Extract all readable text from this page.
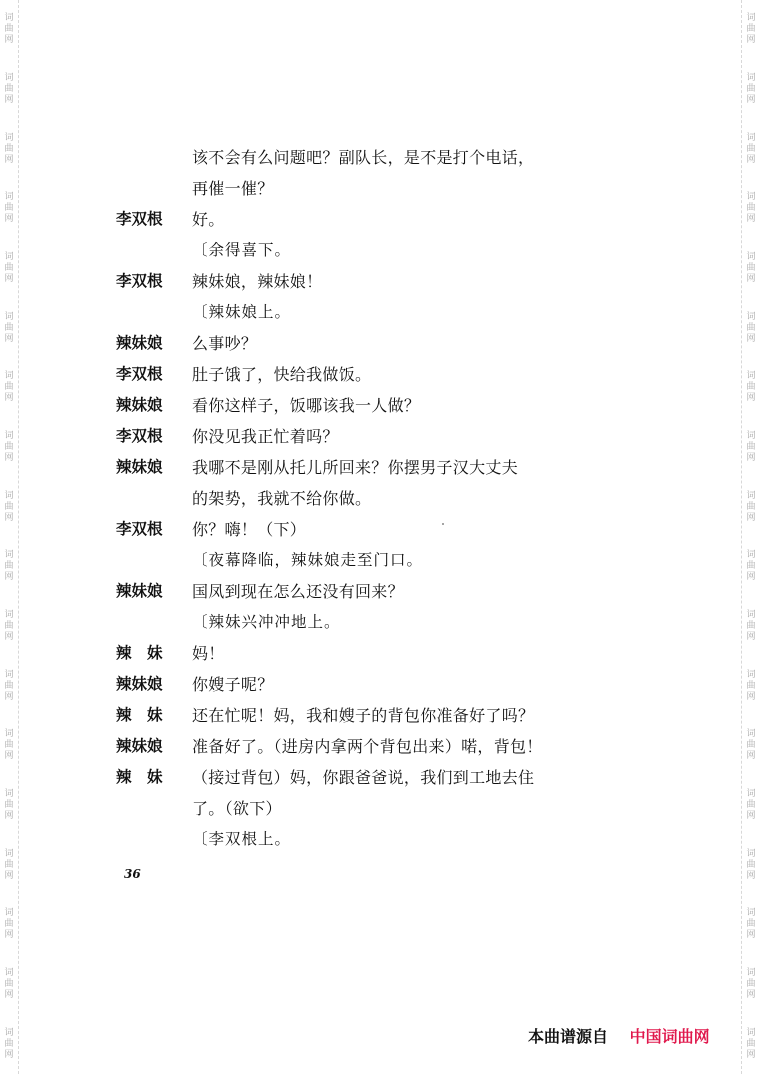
词
曲
网
词
曲
网
词
曲
网
词
曲
网
词
曲
网
词
曲
网
词
曲
网
词
曲
网
词
曲
网
词
曲
网
词
曲
网
词
曲
网
词
曲
网
词
曲
网
词
曲
网
词
曲
网
词
曲
网
词
曲
网
词
曲
网
词
曲
网
词
曲
网
词
曲
网
词
曲
网
词
曲
网
词
曲
网
词
曲
网
词
曲
网
词
曲
网
词
曲
网
词
曲
网
词
曲
网
词
曲
网
词
曲
网
词
曲
网
词
曲
网
词
曲
网
该不会有么问题吧？副队长，是不是打个电话，
再催一催？
李双根	好。
〔余得喜下。
李双根	辣妹娘，辣妹娘！
〔辣妹娘上。
辣妹娘	么事吵？
李双根	肚子饿了，快给我做饭。
辣妹娘	看你这样子，饭哪该我一人做？
李双根	你没见我正忙着吗？
辣妹娘	我哪不是刚从托儿所回来？你摆男子汉大丈夫
的架势，我就不给你做。
李双根	你？嗨！（下）
〔夜幕降临，辣妹娘走至门口。
辣妹娘	国凤到现在怎么还没有回来？
〔辣妹兴冲冲地上。
辣　妹	妈！
辣妹娘	你嫂子呢？
辣　妹	还在忙呢！妈，我和嫂子的背包你准备好了吗？
辣妹娘	准备好了。（进房内拿两个背包出来）喏，背包！
辣　妹	（接过背包）妈，你跟爸爸说，我们到工地去住
了。（欲下）
〔李双根上。
36
本曲谱源自 中国词曲网
